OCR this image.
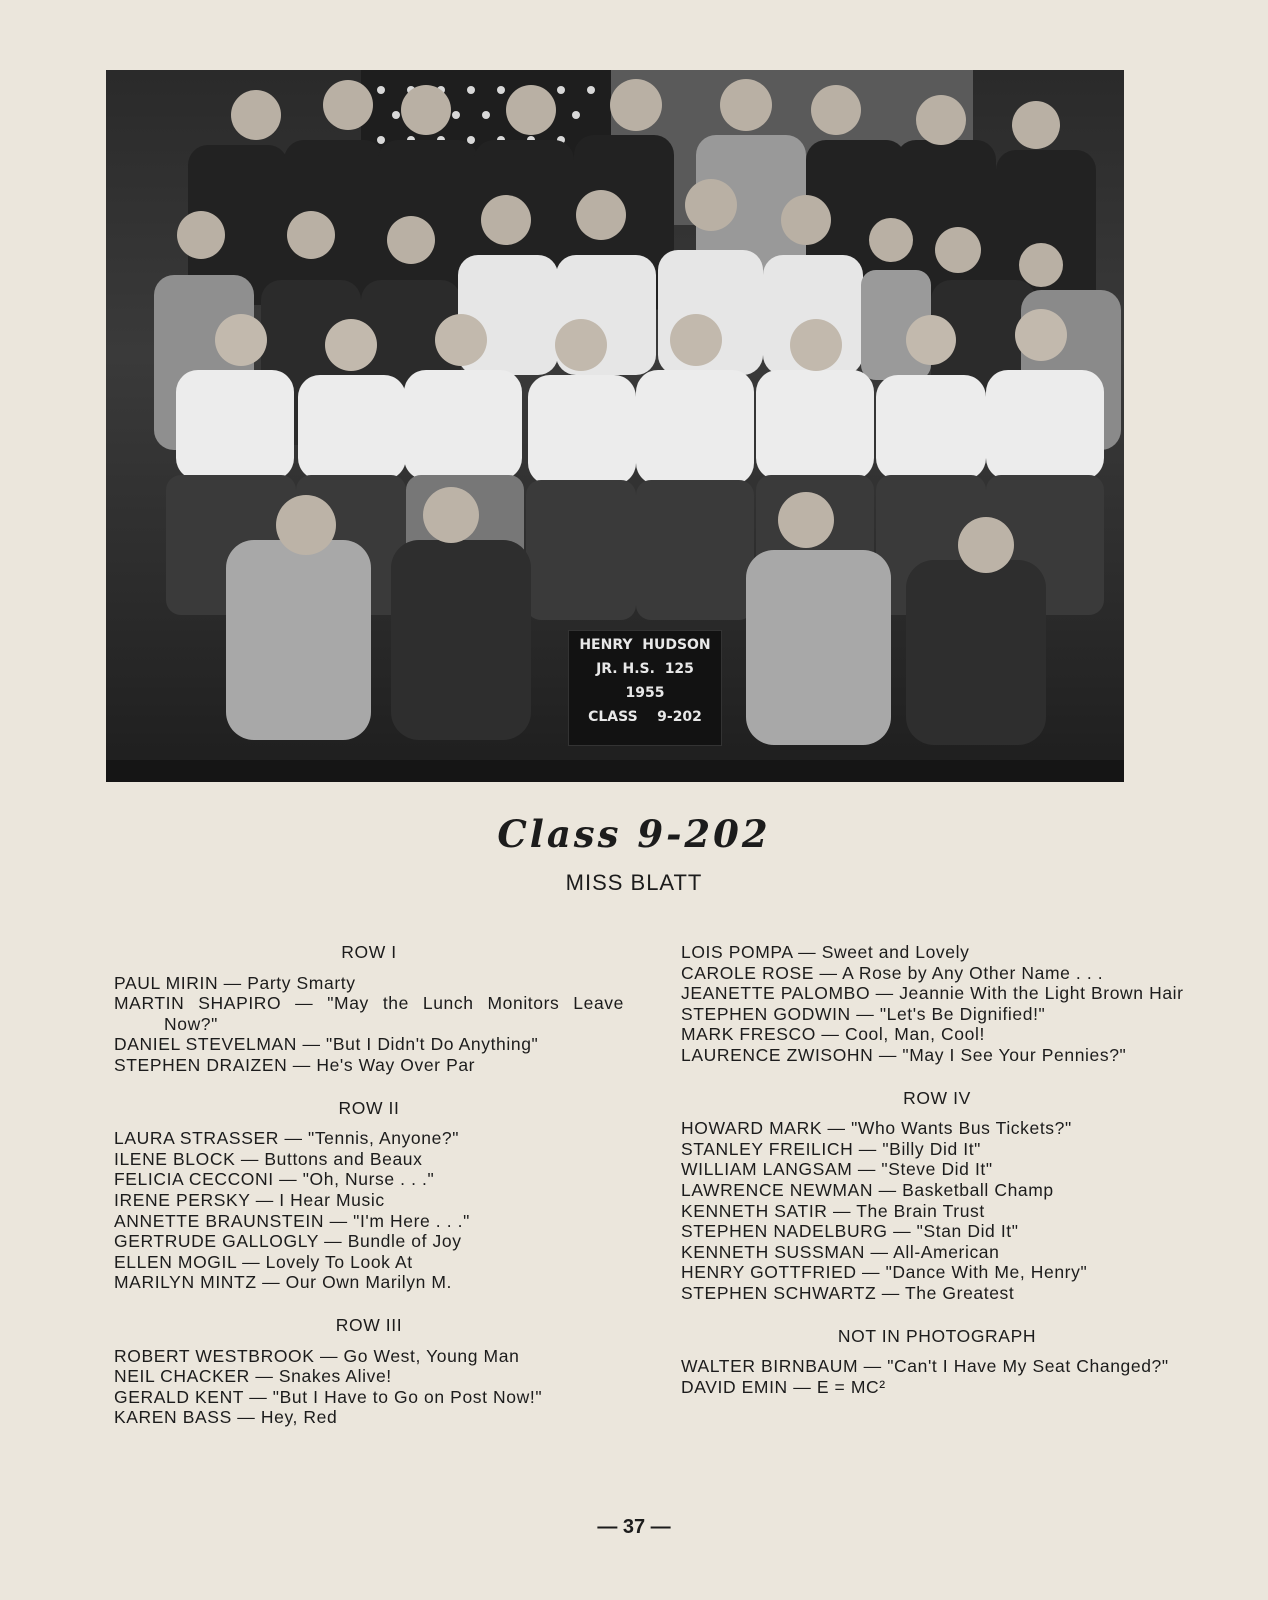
HENRY  HUDSON
JR. H.S.  125
1955
CLASS    9-202
Class 9-202
MISS BLATT
ROW I
PAUL MIRIN — Party Smarty
MARTIN SHAPIRO — "May the Lunch Monitors Leave Now?"
DANIEL STEVELMAN — "But I Didn't Do Anything"
STEPHEN DRAIZEN — He's Way Over Par
ROW II
LAURA STRASSER — "Tennis, Anyone?"
ILENE BLOCK — Buttons and Beaux
FELICIA CECCONI — "Oh, Nurse . . ."
IRENE PERSKY — I Hear Music
ANNETTE BRAUNSTEIN — "I'm Here . . ."
GERTRUDE GALLOGLY — Bundle of Joy
ELLEN MOGIL — Lovely To Look At
MARILYN MINTZ — Our Own Marilyn M.
ROW III
ROBERT WESTBROOK — Go West, Young Man
NEIL CHACKER — Snakes Alive!
GERALD KENT — "But I Have to Go on Post Now!"
KAREN BASS — Hey, Red
LOIS POMPA — Sweet and Lovely
CAROLE ROSE — A Rose by Any Other Name . . .
JEANETTE PALOMBO — Jeannie With the Light Brown Hair
STEPHEN GODWIN — "Let's Be Dignified!"
MARK FRESCO — Cool, Man, Cool!
LAURENCE ZWISOHN — "May I See Your Pennies?"
ROW IV
HOWARD MARK — "Who Wants Bus Tickets?"
STANLEY FREILICH — "Billy Did It"
WILLIAM LANGSAM — "Steve Did It"
LAWRENCE NEWMAN — Basketball Champ
KENNETH SATIR — The Brain Trust
STEPHEN NADELBURG — "Stan Did It"
KENNETH SUSSMAN — All-American
HENRY GOTTFRIED — "Dance With Me, Henry"
STEPHEN SCHWARTZ — The Greatest
NOT IN PHOTOGRAPH
WALTER BIRNBAUM — "Can't I Have My Seat Changed?"
DAVID EMIN — E = MC²
— 37 —
